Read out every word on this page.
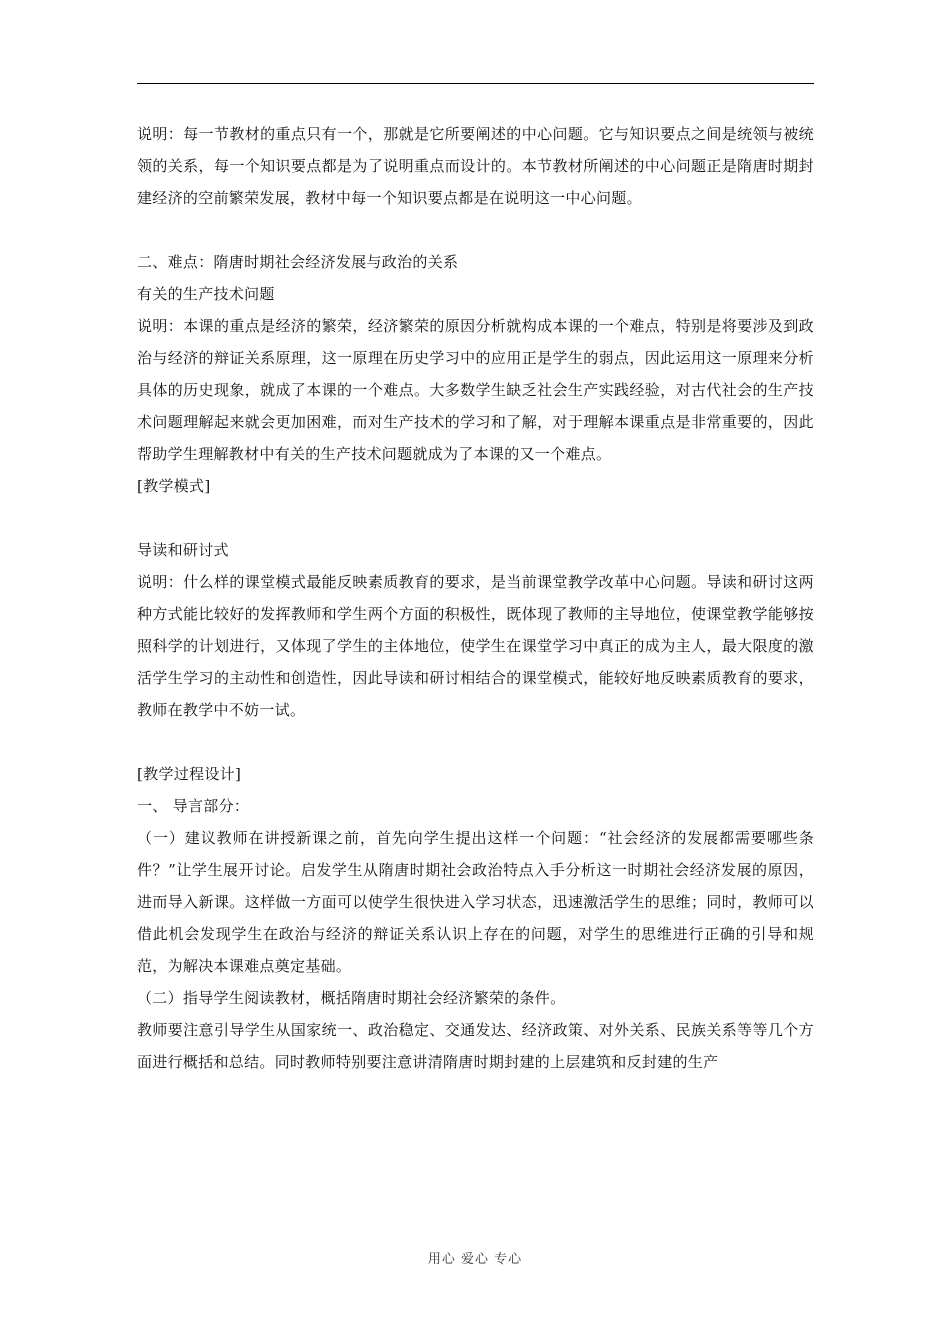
说明：每一节教材的重点只有一个，那就是它所要阐述的中心问题。它与知识要点之间是统领与被统领的关系，每一个知识要点都是为了说明重点而设计的。本节教材所阐述的中心问题正是隋唐时期封建经济的空前繁荣发展，教材中每一个知识要点都是在说明这一中心问题。

二、难点：隋唐时期社会经济发展与政治的关系

有关的生产技术问题

说明：本课的重点是经济的繁荣，经济繁荣的原因分析就构成本课的一个难点，特别是将要涉及到政治与经济的辩证关系原理，这一原理在历史学习中的应用正是学生的弱点，因此运用这一原理来分析具体的历史现象，就成了本课的一个难点。大多数学生缺乏社会生产实践经验，对古代社会的生产技术问题理解起来就会更加困难，而对生产技术的学习和了解，对于理解本课重点是非常重要的，因此帮助学生理解教材中有关的生产技术问题就成为了本课的又一个难点。

[教学模式]

导读和研讨式

说明：什么样的课堂模式最能反映素质教育的要求，是当前课堂教学改革中心问题。导读和研讨这两种方式能比较好的发挥教师和学生两个方面的积极性，既体现了教师的主导地位，使课堂教学能够按照科学的计划进行，又体现了学生的主体地位，使学生在课堂学习中真正的成为主人，最大限度的激活学生学习的主动性和创造性，因此导读和研讨相结合的课堂模式，能较好地反映素质教育的要求，教师在教学中不妨一试。

[教学过程设计]

一、 导言部分：

（一）建议教师在讲授新课之前，首先向学生提出这样一个问题：“社会经济的发展都需要哪些条件？”让学生展开讨论。启发学生从隋唐时期社会政治特点入手分析这一时期社会经济发展的原因，进而导入新课。这样做一方面可以使学生很快进入学习状态，迅速激活学生的思维；同时，教师可以借此机会发现学生在政治与经济的辩证关系认识上存在的问题，对学生的思维进行正确的引导和规范，为解决本课难点奠定基础。

（二）指导学生阅读教材，概括隋唐时期社会经济繁荣的条件。

教师要注意引导学生从国家统一、政治稳定、交通发达、经济政策、对外关系、民族关系等等几个方面进行概括和总结。同时教师特别要注意讲清隋唐时期封建的上层建筑和反封建的生产

用心 爱心 专心
